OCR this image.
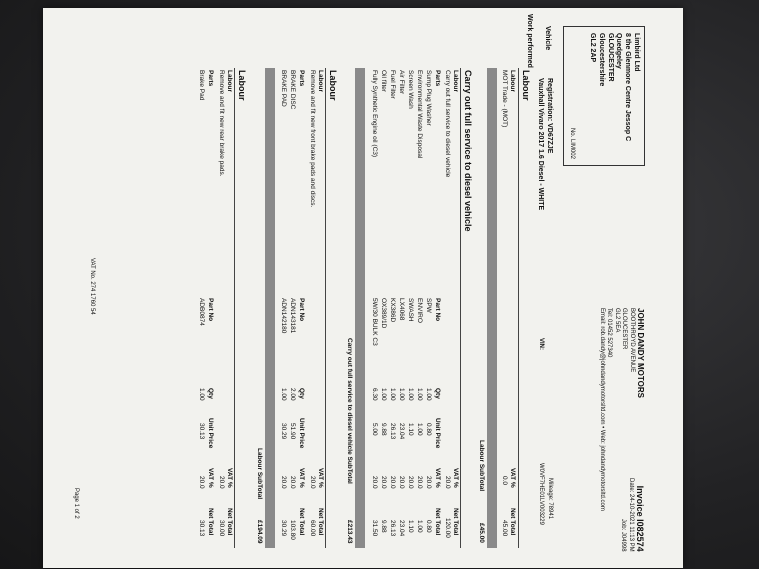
Limbird Ltd
8 the Glenmore Centre Jessop C
Quedgeley
GLOUCESTER
Gloucestershire
GL2 2AP
No. LIM002
JOHN DANDY MOTORS
BOOTHROYD AVENUE
GLOUCESTER
GL2 5EA
Tel: 01452 527340
Email: rob.dandy@johndandymotorsltd.com • Web: johndandymotorsltd.com
Invoice I082574
Date: 24-10-2021 11:13 PM
Job: J04998
Vehicle
Registration: VD67ZJE
Vauxhall Vivaro 2017 1.6 Diesel - WHITE
Mileage: 78941
VIN:
W0VF7HE01LV003229
Work performed
Labour
Labour
VAT %
Net Total
MOT Trade - (MOT)
0.0
45.00
Labour SubTotal
£45.00
Carry out full service to diesel vehicle
Labour
VAT %
Net Total
Carry out full service to diesel vehicle
20.0
120.00
Parts
Part No
Qty
Unit Price
VAT %
Net Total
Sump Plug Washer
SPW
1.00
0.80
20.0
0.80
Environmental Waste Disposal
ENVIRO
1.00
1.00
20.0
1.00
Screen Wash
SWASH
1.00
1.10
20.0
1.10
Air Filter
LX4068
1.00
23.04
20.0
23.04
Fuel Filter
KX386D
1.00
26.13
20.0
26.13
Oil filter
OX389/1D
1.00
9.88
20.0
9.88
Fully Synthetic Engine oil (C3)
5W/30 BULK C3
6.30
5.00
20.0
31.50
Carry out full service to diesel vehicle SubTotal
£213.43
Labour
Labour
VAT %
Net Total
Remove and fit new front brake pads and discs.
20.0
60.00
Parts
Part No
Qty
Unit Price
VAT %
Net Total
BRAKE DISC
ADN143181
2.00
51.90
20.0
103.80
BRAKE PAD
ADN142180
1.00
30.29
20.0
30.29
Labour SubTotal
£194.09
Labour
Labour
VAT %
Net Total
Remove and fit new rear brake pads.
20.0
30.00
Parts
Part No
Qty
Unit Price
VAT %
Net Total
Brake Pad
ADB0874
1.00
30.13
20.0
30.13
VAT No. 274 1760 54
Page 1 of 2
